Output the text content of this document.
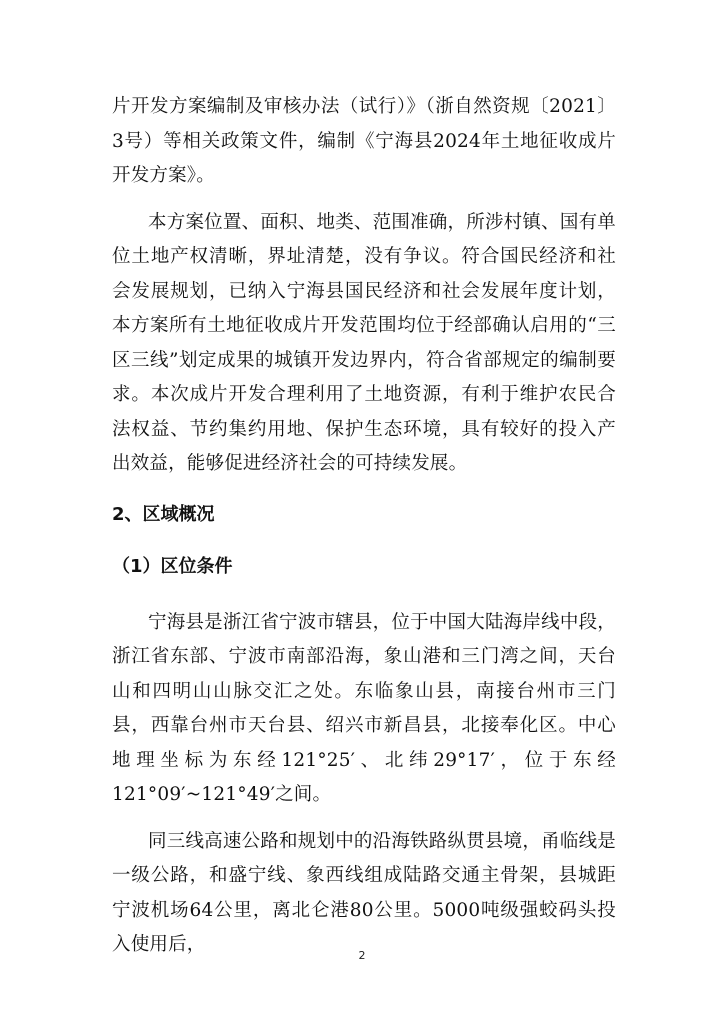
片开发方案编制及审核办法（试行）》（浙自然资规〔2021〕3号）等相关政策文件，编制《宁海县2024年土地征收成片开发方案》。

本方案位置、面积、地类、范围准确，所涉村镇、国有单位土地产权清晰，界址清楚，没有争议。符合国民经济和社会发展规划，已纳入宁海县国民经济和社会发展年度计划，本方案所有土地征收成片开发范围均位于经部确认启用的“三区三线”划定成果的城镇开发边界内，符合省部规定的编制要求。本次成片开发合理利用了土地资源，有利于维护农民合法权益、节约集约用地、保护生态环境，具有较好的投入产出效益，能够促进经济社会的可持续发展。

2、区域概况
（1）区位条件

宁海县是浙江省宁波市辖县，位于中国大陆海岸线中段，浙江省东部、宁波市南部沿海，象山港和三门湾之间，天台山和四明山山脉交汇之处。东临象山县，南接台州市三门县，西靠台州市天台县、绍兴市新昌县，北接奉化区。中心地理坐标为东经121°25′、北纬29°17′，位于东经121°09′~121°49′之间。

同三线高速公路和规划中的沿海铁路纵贯县境，甬临线是一级公路，和盛宁线、象西线组成陆路交通主骨架，县城距宁波机场64公里，离北仑港80公里。5000吨级强蛟码头投入使用后，

2
